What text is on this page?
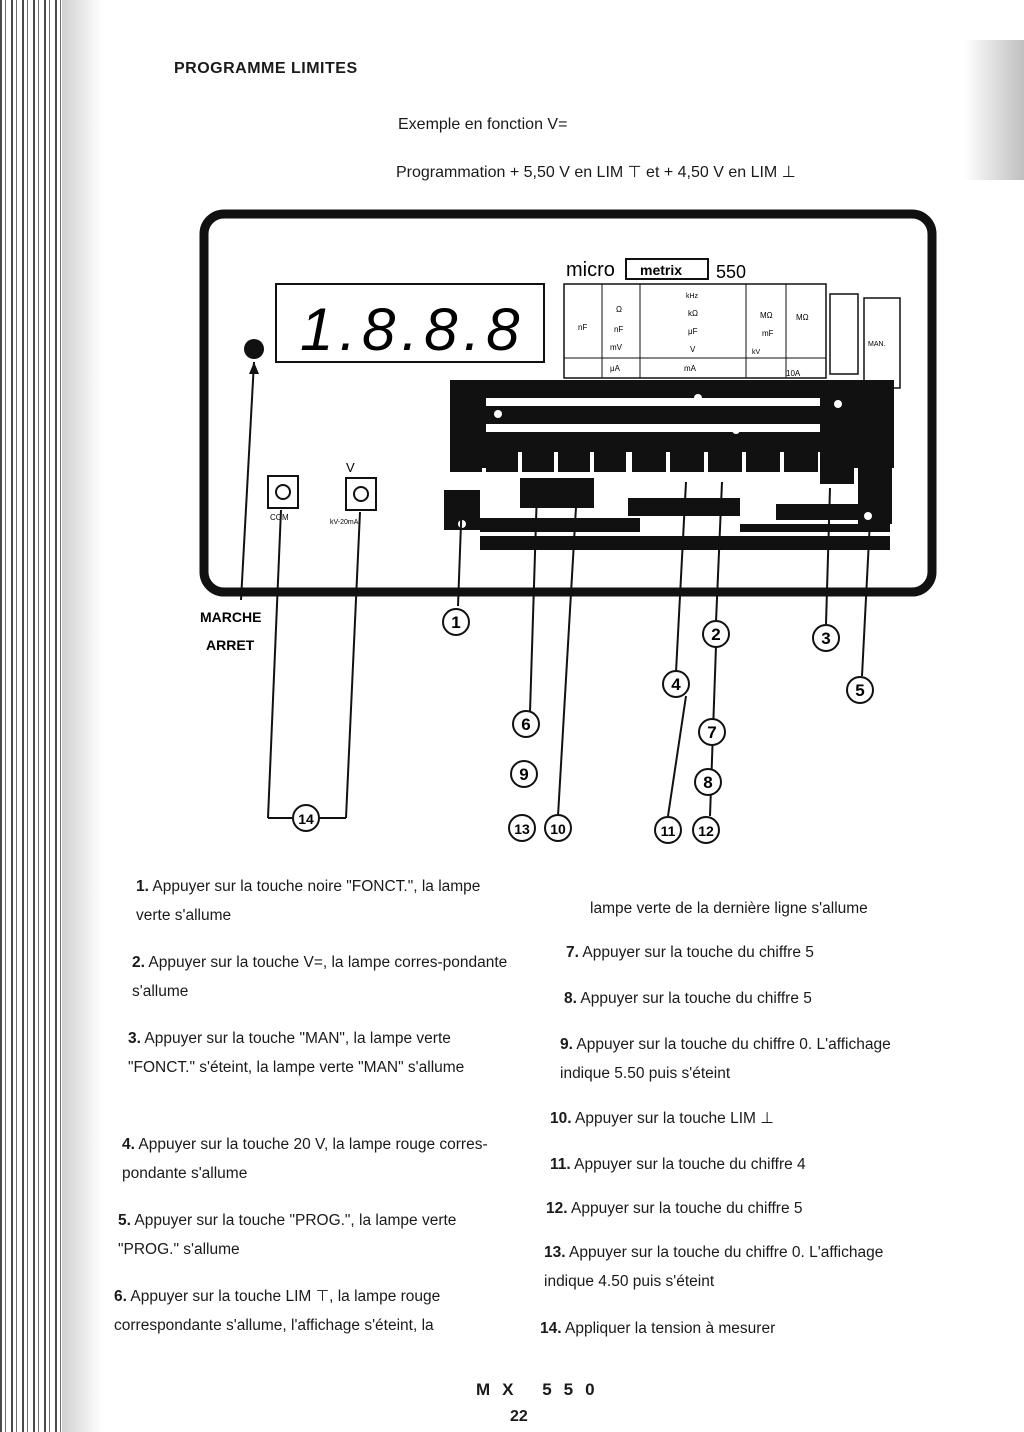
PROGRAMME LIMITES
Exemple en fonction V=
Programmation + 5,50 V en LIM ⊤ et + 4,50 V en LIM ⊥
micro metrix 550
1.8.8.8	nF
Ω
nF
mV
kHz
kΩ
μF
V
MΩ
mF
kV
MΩ
μA	mA
10A
MAN.
V
COM
kV-20mA
MARCHE
ARRET
1
2	3
4	5
6	7
8
9
10	11 12
13
14
1. Appuyer sur la touche noire "FONCT.", la lampe verte s'allume
2. Appuyer sur la touche V=, la lampe corres-pondante s'allume
3. Appuyer sur la touche "MAN", la lampe verte "FONCT." s'éteint, la lampe verte "MAN" s'allume
4. Appuyer sur la touche 20 V, la lampe rouge corres-pondante s'allume
5. Appuyer sur la touche "PROG.", la lampe verte "PROG." s'allume
6. Appuyer sur la touche LIM ⊤, la lampe rouge correspondante s'allume, l'affichage s'éteint, la
lampe verte de la dernière ligne s'allume
7. Appuyer sur la touche du chiffre 5
8. Appuyer sur la touche du chiffre 5
9. Appuyer sur la touche du chiffre 0. L'affichage indique 5.50 puis s'éteint
10. Appuyer sur la touche LIM ⊥
11. Appuyer sur la touche du chiffre 4
12. Appuyer sur la touche du chiffre 5
13. Appuyer sur la touche du chiffre 0. L'affichage indique 4.50 puis s'éteint
14. Appliquer la tension à mesurer
MX 550
22
